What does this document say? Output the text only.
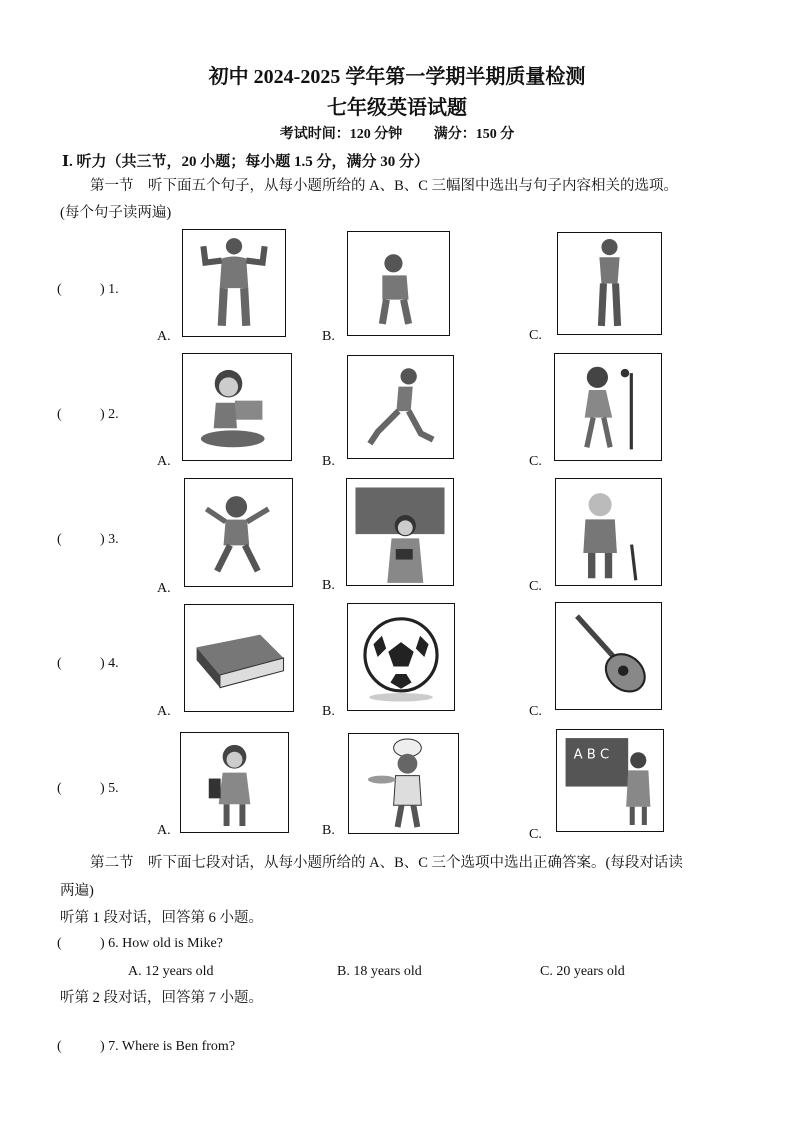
初中 2024-2025 学年第一学期半期质量检测
七年级英语试题
考试时间：120 分钟 满分：150 分
Ⅰ. 听力（共三节，20 小题；每小题 1.5 分，满分 30 分）
第一节　听下面五个句子，从每小题所给的 A、B、C 三幅图中选出与句子内容相关的选项。
(每个句子读两遍)
(	) 1.
A.	B.	C.
(	) 2.
A.	B.	C.
(	) 3.
A.	B.	C.
(	) 4.
A.	B.	C.
(	) 5.
A.	B.	C.
A B C
第二节　听下面七段对话，从每小题所给的 A、B、C 三个选项中选出正确答案。(每段对话读
两遍)
听第 1 段对话，回答第 6 小题。
(	) 6. How old is Mike?
A. 12 years old	B. 18 years old	C. 20 years old
听第 2 段对话，回答第 7 小题。
(	) 7. Where is Ben from?
